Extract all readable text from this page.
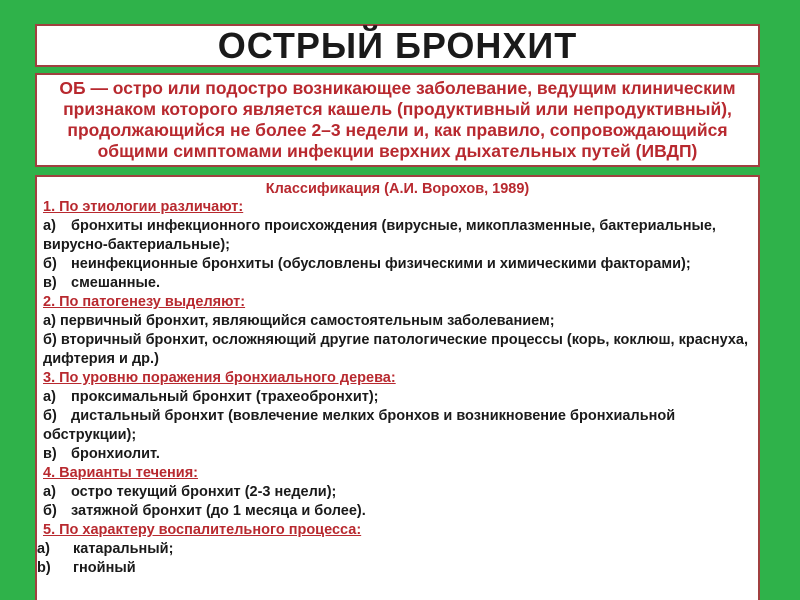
ОСТРЫЙ БРОНХИТ
ОБ — остро или подостро возникающее заболевание, ведущим клиническим признаком которого является кашель (продуктивный или непродуктивный), продолжающийся не более 2–3 недели и, как правило, сопровождающийся общими симптомами инфекции верхних дыхательных путей (ИВДП)
Классификация (А.И. Ворохов, 1989)
1. По этиологии различают:
а) бронхиты инфекционного происхождения (вирусные, микоплазменные, бактериальные, вирусно-бактериальные);
б) неинфекционные бронхиты (обусловлены физическими и химическими факторами);
в) смешанные.
2. По патогенезу выделяют:
а) первичный бронхит, являющийся самостоятельным заболеванием;
б) вторичный бронхит, осложняющий другие патологические процессы (корь, коклюш, краснуха, дифтерия и др.)
3. По уровню поражения бронхиального дерева:
а) проксимальный бронхит (трахеобронхит);
б) дистальный бронхит (вовлечение мелких бронхов и возникновение бронхиальной обструкции);
в) бронхиолит.
4. Варианты течения:
а) остро текущий бронхит (2-3 недели);
б) затяжной бронхит (до 1 месяца и более).
5. По характеру воспалительного процесса:
a) катаральный;
b) гнойный
